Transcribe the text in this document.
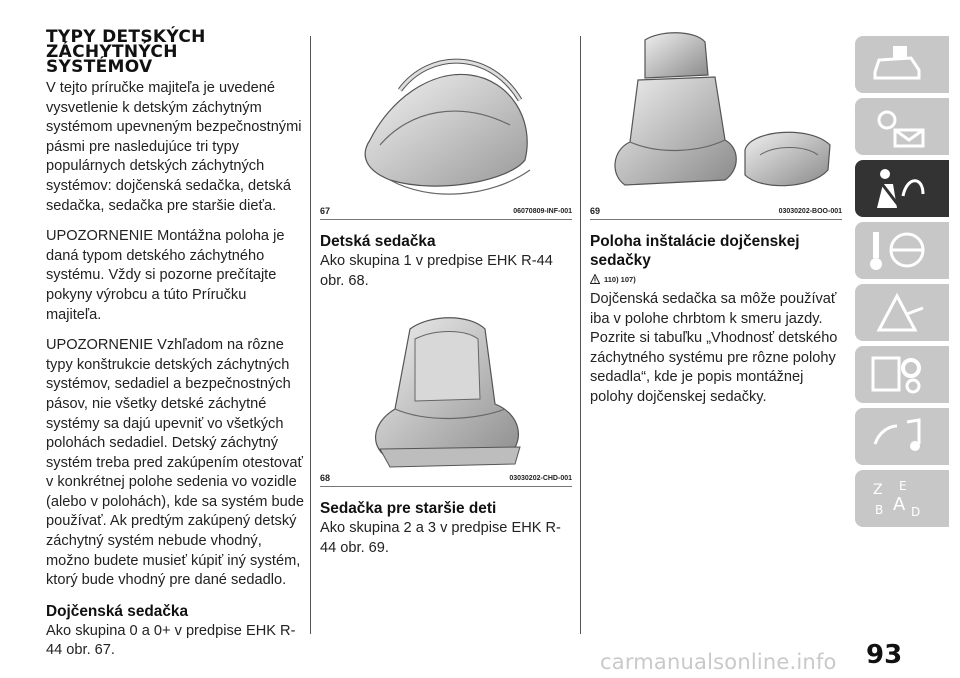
TYPY DETSKÝCH
ZÁCHYTNÝCH
SYSTÉMOV

V tejto príručke majiteľa je uvedené vysvetlenie k detským záchytným systémom upevneným bezpečnostnými pásmi pre nasledujúce tri typy populárnych detských záchytných systémov: dojčenská sedačka, detská sedačka, sedačka pre staršie dieťa.

UPOZORNENIE Montážna poloha je daná typom detského záchytného systému. Vždy si pozorne prečítajte pokyny výrobcu a túto Príručku majiteľa.

UPOZORNENIE Vzhľadom na rôzne typy konštrukcie detských záchytných systémov, sedadiel a bezpečnostných pásov, nie všetky detské záchytné systémy sa dajú upevniť vo všetkých polohách sedadiel. Detský záchytný systém treba pred zakúpením otestovať v konkrétnej polohe sedenia vo vozidle (alebo v polohách), kde sa systém bude používať. Ak predtým zakúpený detský záchytný systém nebude vhodný, možno budete musieť kúpiť iný systém, ktorý bude vhodný pre dané sedadlo.

Dojčenská sedačka

Ako skupina 0 a 0+ v predpise EHK R-44 obr. 67.

67	06070809-INF-001
Detská sedačka

Ako skupina 1 v predpise EHK R-44 obr. 68.

68	03030202-CHD-001
Sedačka pre staršie deti

Ako skupina 2 a 3 v predpise EHK R-44 obr. 69.

69	03030202-BOO-001
Poloha inštalácie dojčenskej sedačky
110) 107)

Dojčenská sedačka sa môže používať iba v polohe chrbtom k smeru jazdy. Pozrite si tabuľku „Vhodnosť detského záchytného systému pre rôzne polohy sedadla“, kde je popis montážnej polohy dojčenskej sedačky.

Z E
B A D
93
carmanualsonline.info
